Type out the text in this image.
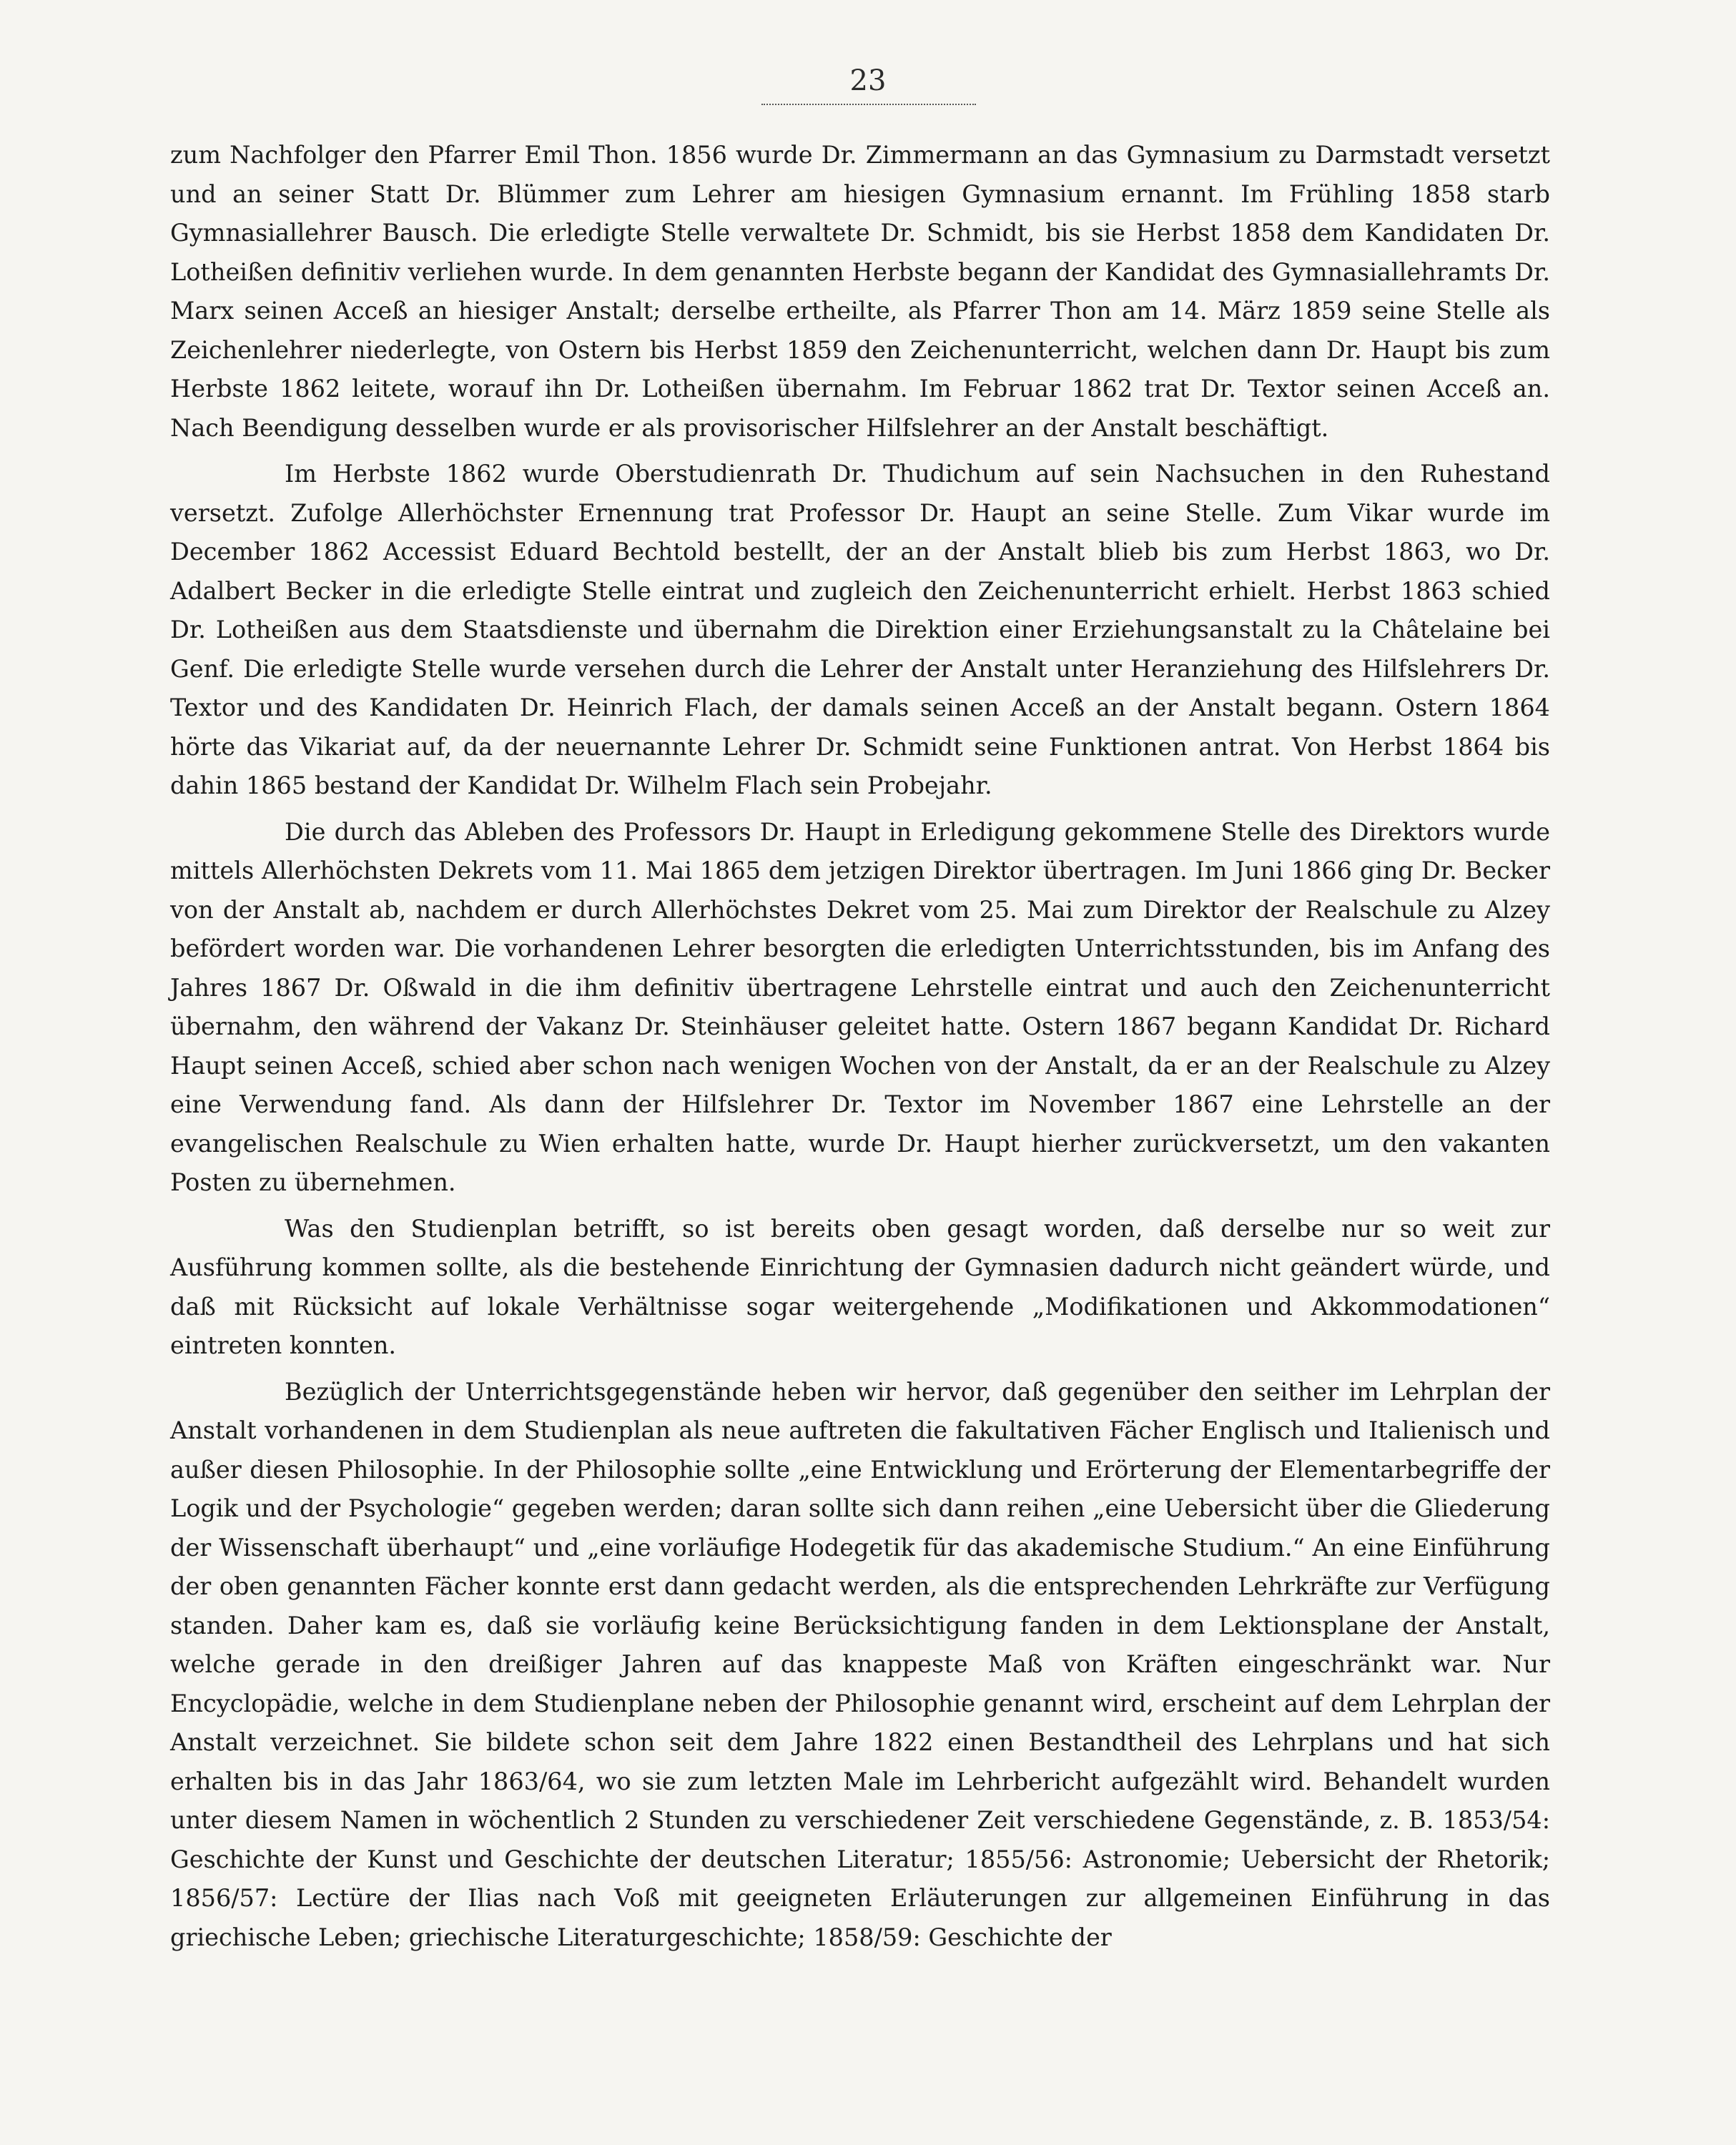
23

zum Nachfolger den Pfarrer Emil Thon. 1856 wurde Dr. Zimmermann an das Gymnasium zu Darmstadt versetzt und an seiner Statt Dr. Blümmer zum Lehrer am hiesigen Gymnasium ernannt. Im Frühling 1858 starb Gymnasiallehrer Bausch. Die erledigte Stelle verwaltete Dr. Schmidt, bis sie Herbst 1858 dem Kandidaten Dr. Lotheißen definitiv verliehen wurde. In dem genannten Herbste begann der Kandidat des Gymnasiallehramts Dr. Marx seinen Acceß an hiesiger Anstalt; derselbe ertheilte, als Pfarrer Thon am 14. März 1859 seine Stelle als Zeichenlehrer niederlegte, von Ostern bis Herbst 1859 den Zeichenunterricht, welchen dann Dr. Haupt bis zum Herbste 1862 leitete, worauf ihn Dr. Lotheißen übernahm. Im Februar 1862 trat Dr. Textor seinen Acceß an. Nach Beendigung desselben wurde er als provisorischer Hilfslehrer an der Anstalt beschäftigt.

Im Herbste 1862 wurde Oberstudienrath Dr. Thudichum auf sein Nachsuchen in den Ruhestand versetzt. Zufolge Allerhöchster Ernennung trat Professor Dr. Haupt an seine Stelle. Zum Vikar wurde im December 1862 Accessist Eduard Bechtold bestellt, der an der Anstalt blieb bis zum Herbst 1863, wo Dr. Adalbert Becker in die erledigte Stelle eintrat und zugleich den Zeichenunterricht erhielt. Herbst 1863 schied Dr. Lotheißen aus dem Staatsdienste und übernahm die Direktion einer Erziehungsanstalt zu la Châtelaine bei Genf. Die erledigte Stelle wurde versehen durch die Lehrer der Anstalt unter Heranziehung des Hilfslehrers Dr. Textor und des Kandidaten Dr. Heinrich Flach, der damals seinen Acceß an der Anstalt begann. Ostern 1864 hörte das Vikariat auf, da der neuernannte Lehrer Dr. Schmidt seine Funktionen antrat. Von Herbst 1864 bis dahin 1865 bestand der Kandidat Dr. Wilhelm Flach sein Probejahr.

Die durch das Ableben des Professors Dr. Haupt in Erledigung gekommene Stelle des Direktors wurde mittels Allerhöchsten Dekrets vom 11. Mai 1865 dem jetzigen Direktor übertragen. Im Juni 1866 ging Dr. Becker von der Anstalt ab, nachdem er durch Allerhöchstes Dekret vom 25. Mai zum Direktor der Realschule zu Alzey befördert worden war. Die vorhandenen Lehrer besorgten die erledigten Unterrichtsstunden, bis im Anfang des Jahres 1867 Dr. Oßwald in die ihm definitiv übertragene Lehrstelle eintrat und auch den Zeichenunterricht übernahm, den während der Vakanz Dr. Steinhäuser geleitet hatte. Ostern 1867 begann Kandidat Dr. Richard Haupt seinen Acceß, schied aber schon nach wenigen Wochen von der Anstalt, da er an der Realschule zu Alzey eine Verwendung fand. Als dann der Hilfslehrer Dr. Textor im November 1867 eine Lehrstelle an der evangelischen Realschule zu Wien erhalten hatte, wurde Dr. Haupt hierher zurückversetzt, um den vakanten Posten zu übernehmen.

Was den Studienplan betrifft, so ist bereits oben gesagt worden, daß derselbe nur so weit zur Ausführung kommen sollte, als die bestehende Einrichtung der Gymnasien dadurch nicht geändert würde, und daß mit Rücksicht auf lokale Verhältnisse sogar weitergehende „Modifikationen und Akkommodationen“ eintreten konnten.

Bezüglich der Unterrichtsgegenstände heben wir hervor, daß gegenüber den seither im Lehrplan der Anstalt vorhandenen in dem Studienplan als neue auftreten die fakultativen Fächer Englisch und Italienisch und außer diesen Philosophie. In der Philosophie sollte „eine Entwicklung und Erörterung der Elementarbegriffe der Logik und der Psychologie“ gegeben werden; daran sollte sich dann reihen „eine Uebersicht über die Gliederung der Wissenschaft überhaupt“ und „eine vorläufige Hodegetik für das akademische Studium.“ An eine Einführung der oben genannten Fächer konnte erst dann gedacht werden, als die entsprechenden Lehrkräfte zur Verfügung standen. Daher kam es, daß sie vorläufig keine Berücksichtigung fanden in dem Lektionsplane der Anstalt, welche gerade in den dreißiger Jahren auf das knappeste Maß von Kräften eingeschränkt war. Nur Encyclopädie, welche in dem Studienplane neben der Philosophie genannt wird, erscheint auf dem Lehrplan der Anstalt verzeichnet. Sie bildete schon seit dem Jahre 1822 einen Bestandtheil des Lehrplans und hat sich erhalten bis in das Jahr 1863/64, wo sie zum letzten Male im Lehrbericht aufgezählt wird. Behandelt wurden unter diesem Namen in wöchentlich 2 Stunden zu verschiedener Zeit verschiedene Gegenstände, z. B. 1853/54: Geschichte der Kunst und Geschichte der deutschen Literatur; 1855/56: Astronomie; Uebersicht der Rhetorik; 1856/57: Lectüre der Ilias nach Voß mit geeigneten Erläuterungen zur allgemeinen Einführung in das griechische Leben; griechische Literaturgeschichte; 1858/59: Geschichte der
